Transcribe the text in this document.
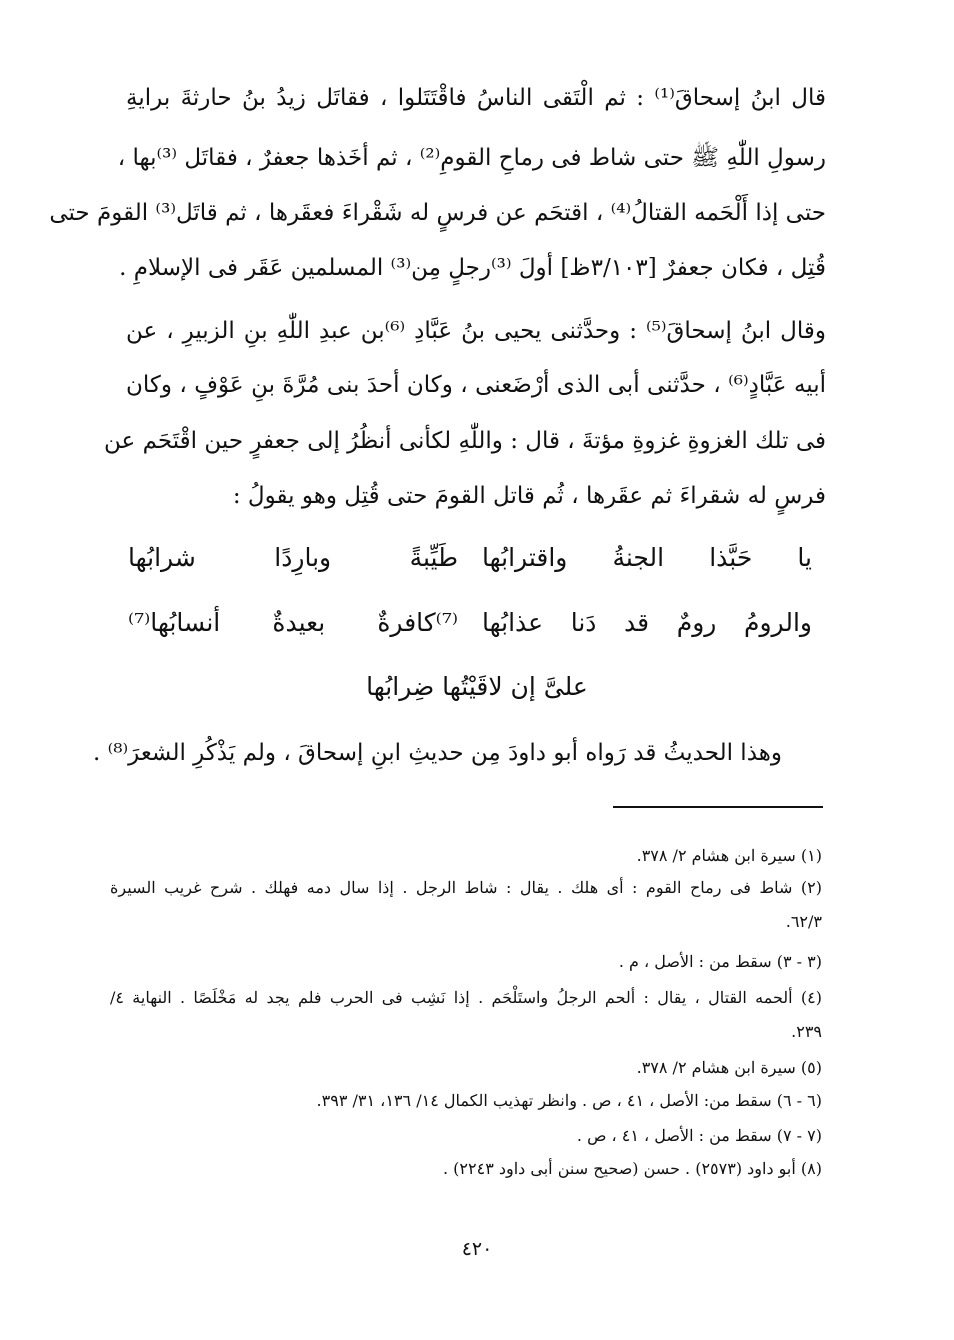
قال ابنُ إسحاقَ⁽¹⁾ : ثم الْتَقى الناسُ فاقْتَتَلوا ، فقاتَل زيدُ بنُ حارثةَ برايةِ
رسولِ اللّٰهِ ﷺ حتى شاط فى رماحِ القومِ⁽²⁾ ، ثم أخَذها جعفرٌ ، فقاتَل ⁽³⁾بها ،
حتى إذا أَلْحَمه القتالُ⁽⁴⁾ ، اقتحَم عن فرسٍ له شَقْراءَ فعقَرها ، ثم قاتَل⁽³⁾ القومَ حتى
قُتِل ، فكان جعفرٌ [٣/١٠٣ظ] أولَ ⁽³⁾رجلٍ مِن⁽³⁾ المسلمين عَقَر فى الإسلامِ .
وقال ابنُ إسحاقَ⁽⁵⁾ : وحدَّثنى يحيى بنُ عَبَّادِ ⁽⁶⁾بن عبدِ اللّٰهِ بنِ الزبيرِ ، عن
أبيه عَبَّادٍ⁽⁶⁾ ، حدَّثنى أبى الذى أرْضَعنى ، وكان أحدَ بنى مُرَّةَ بنِ عَوْفٍ ، وكان
فى تلك الغزوةِ غزوةِ مؤتةَ ، قال : واللّٰهِ لكأنى أنظُرُ إلى جعفرٍ حين اقْتَحَم عن
فرسٍ له شقراءَ ثم عقَرها ، ثُم قاتل القومَ حتى قُتِل وهو يقولُ :
يا حَبَّذا الجنةُ واقترابُها
طَيِّبةً وبارِدًا شرابُها
والرومُ رومٌ قد دَنا عذابُها
⁽⁷⁾كافرةٌ بعيدةٌ أنسابُها⁽⁷⁾
علىَّ إن لاقَيْتُها ضِرابُها
وهذا الحديثُ قد رَواه أبو داودَ مِن حديثِ ابنِ إسحاقَ ، ولم يَذْكُرِ الشعرَ⁽⁸⁾ .
(١) سيرة ابن هشام ٢/ ٣٧٨.
(٢) شاط فى رماح القوم : أى هلك . يقال : شاط الرجل . إذا سال دمه فهلك . شرح غريب السيرة
٦٢/٣.
(٣ - ٣) سقط من : الأصل ، م .
(٤) ألحمه القتال ، يقال : ألحم الرجلُ واستَلْحَم . إذا نَشِب فى الحرب فلم يجد له مَخْلَصًا . النهاية ٤/
٢٣٩.
(٥) سيرة ابن هشام ٢/ ٣٧٨.
(٦ - ٦) سقط من: الأصل ، ٤١ ، ص . وانظر تهذيب الكمال ١٤/ ١٣٦، ٣١/ ٣٩٣.
(٧ - ٧) سقط من : الأصل ، ٤١ ، ص .
(٨) أبو داود (٢٥٧٣) . حسن (صحيح سنن أبى داود ٢٢٤٣) .
٤٢٠
